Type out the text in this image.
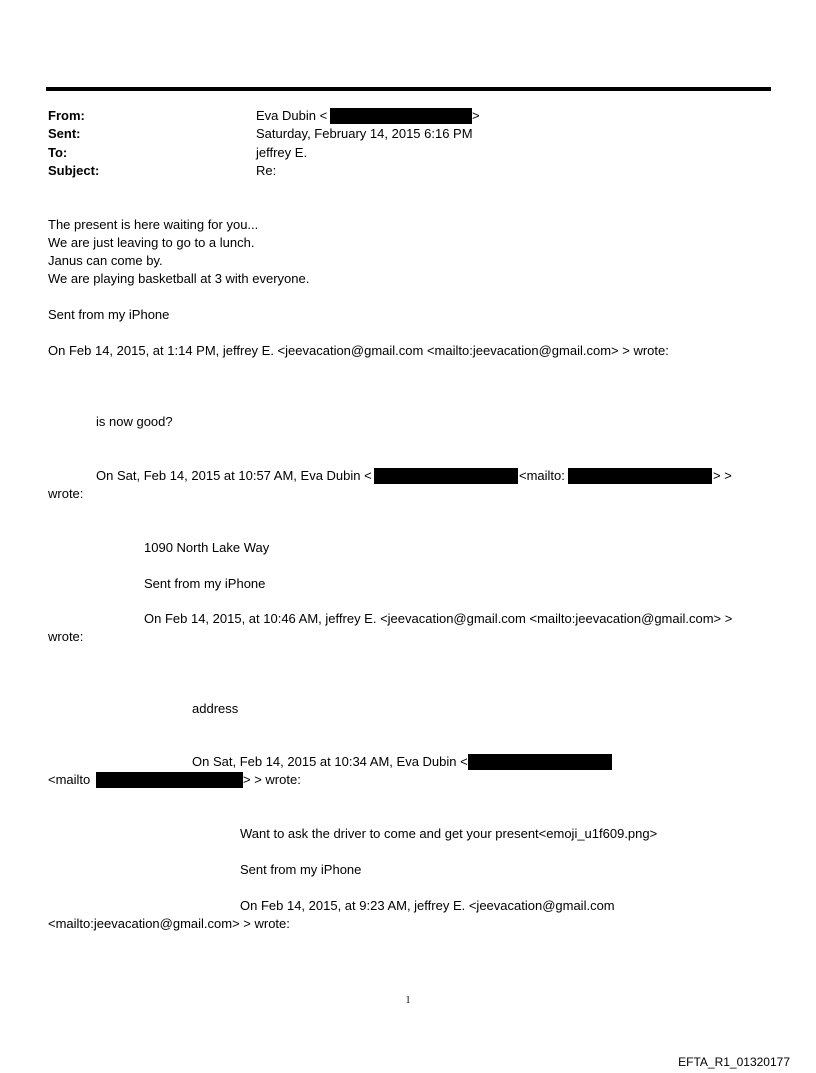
From:	Eva Dubin <	>
Sent:	Saturday, February 14, 2015 6:16 PM
To:	jeffrey E.
Subject:	Re:
The present is here waiting for you...
We are just leaving to go to a lunch.
Janus can come by.
We are playing basketball at 3 with everyone.
Sent from my iPhone
On Feb 14, 2015, at 1:14 PM, jeffrey E. <jeevacation@gmail.com <mailto:jeevacation@gmail.com> > wrote:
is now good?
On Sat, Feb 14, 2015 at 10:57 AM, Eva Dubin <	<mailto:	> >
wrote:
1090 North Lake Way
Sent from my iPhone
On Feb 14, 2015, at 10:46 AM, jeffrey E. <jeevacation@gmail.com <mailto:jeevacation@gmail.com> >
wrote:
address
On Sat, Feb 14, 2015 at 10:34 AM, Eva Dubin <
<mailto	> > wrote:
Want to ask the driver to come and get your present<emoji_u1f609.png>
Sent from my iPhone
On Feb 14, 2015, at 9:23 AM, jeffrey E. <jeevacation@gmail.com
<mailto:jeevacation@gmail.com> > wrote:
1
EFTA_R1_01320177
